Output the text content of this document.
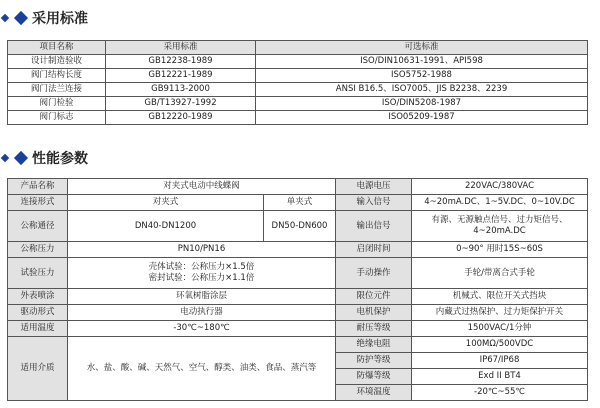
采用标准
项目名称	采用标准	可选标准
设计制造验收	GB12238-1989	ISO/DIN10631-1991、API598
阀门结构长度	GB12221-1989	ISO5752-1988
阀门法兰连接	GB9113-2000	ANSI B16.5、ISO7005、JIS B2238、2239
阀门检验	GB/T13927-1992	ISO/DIN5208-1987
阀门标志	GB12220-1989	ISO05209-1987
性能参数
产品名称	对夹式电动中线蝶阀		电源电压	220VAC/380VAC
连接形式	对夹式	单夹式	输入信号	4~20mA.DC、1~5V.DC、0~10V.DC
公称通径	DN40-DN1200	DN50-DN600	输出信号	有源、无源触点信号、过力矩信号、4~20mA.DC

公称压力	PN10/PN16		启闭时间	0~90° 用时15S~60S
试验压力	壳体试验：公称压力×1.5倍
密封试验：公称压力×1.1倍		手动操作	手轮/带离合式手轮

外表喷涂	环氧树脂涂层		限位元件	机械式、限位开关式挡块
驱动形式	电动执行器		电机保护	内藏式过热保护、过力矩保护开关
适用温度	-30℃~180℃		耐压等级	1500VAC/1分钟
适用介质	水、盐、酸、碱、天然气、空气、醇类、油类、食品、蒸汽等		绝缘电阻	100MΩ/500VDC
			防护等级	IP67/IP68
			防爆等级	Exd II BT4
			环境温度	-20℃~55℃
